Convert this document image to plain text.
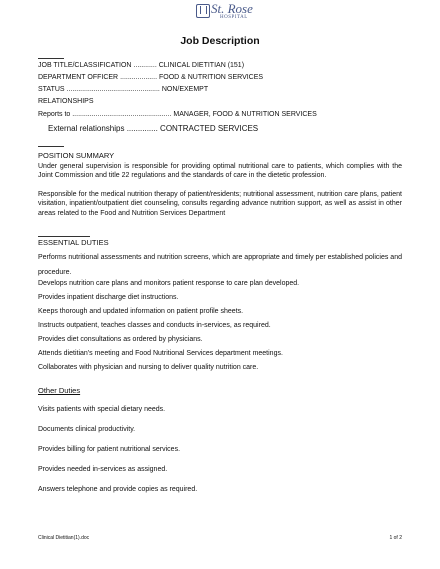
St. Rose
HOSPITAL
Job Description
JOB TITLE/CLASSIFICATION ............ CLINICAL DIETITIAN (151)
DEPARTMENT OFFICER ................... FOOD & NUTRITION SERVICES
STATUS ................................................ NON/EXEMPT
RELATIONSHIPS
Reports to ................................................... MANAGER, FOOD & NUTRITION SERVICES
External relationships .............. CONTRACTED SERVICES
POSITION SUMMARY
Under general supervision is responsible for providing optimal nutritional care to patients, which complies with the Joint Commission and title 22 regulations and the standards of care in the dietetic profession.
Responsible for the medical nutrition therapy of patient/residents; nutritional assessment, nutrition care plans, patient visitation, inpatient/outpatient diet counseling, consults regarding advance nutrition support, as well as assist in other areas related to the Food and Nutrition Services Department
ESSENTIAL DUTIES
Performs nutritional assessments and nutrition screens, which are appropriate and timely per established policies and procedure.
Develops nutrition care plans and monitors patient response to care plan developed.
Provides inpatient discharge diet instructions.
Keeps thorough and updated information on patient profile sheets.
Instructs outpatient, teaches classes and conducts in-services, as required.
Provides diet consultations as ordered by physicians.
Attends dietitian's meeting and Food Nutritional Services department meetings.
Collaborates with physician and nursing to deliver quality nutrition care.
Other Duties
Visits patients with special dietary needs.
Documents clinical productivity.
Provides billing for patient nutritional services.
Provides needed in-services as assigned.
Answers telephone and provide copies as required.
Clinical Dietitian(1).doc	1 of 2
